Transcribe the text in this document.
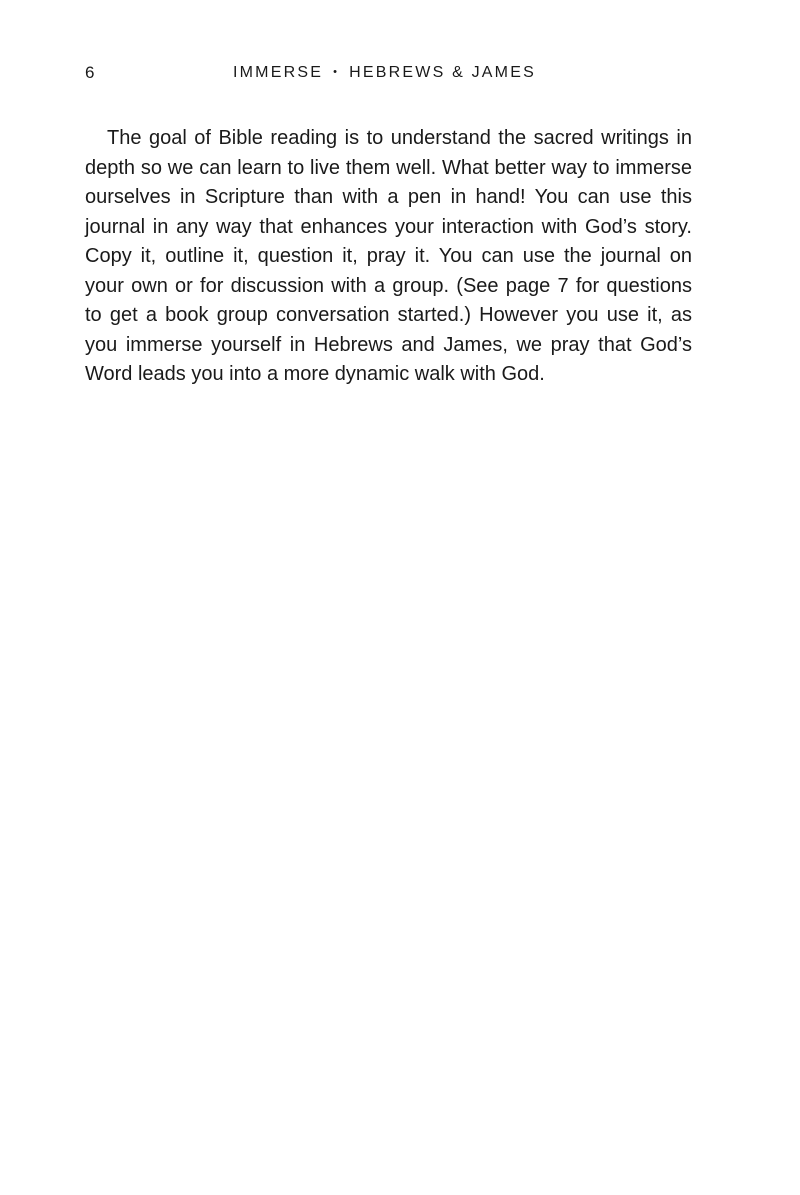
6	IMMERSE • HEBREWS & JAMES

The goal of Bible reading is to understand the sacred writings in depth so we can learn to live them well. What better way to immerse ourselves in Scripture than with a pen in hand! You can use this journal in any way that enhances your interaction with God’s story. Copy it, outline it, question it, pray it. You can use the journal on your own or for discussion with a group. (See page 7 for questions to get a book group conversation started.) However you use it, as you immerse yourself in Hebrews and James, we pray that God’s Word leads you into a more dynamic walk with God.
